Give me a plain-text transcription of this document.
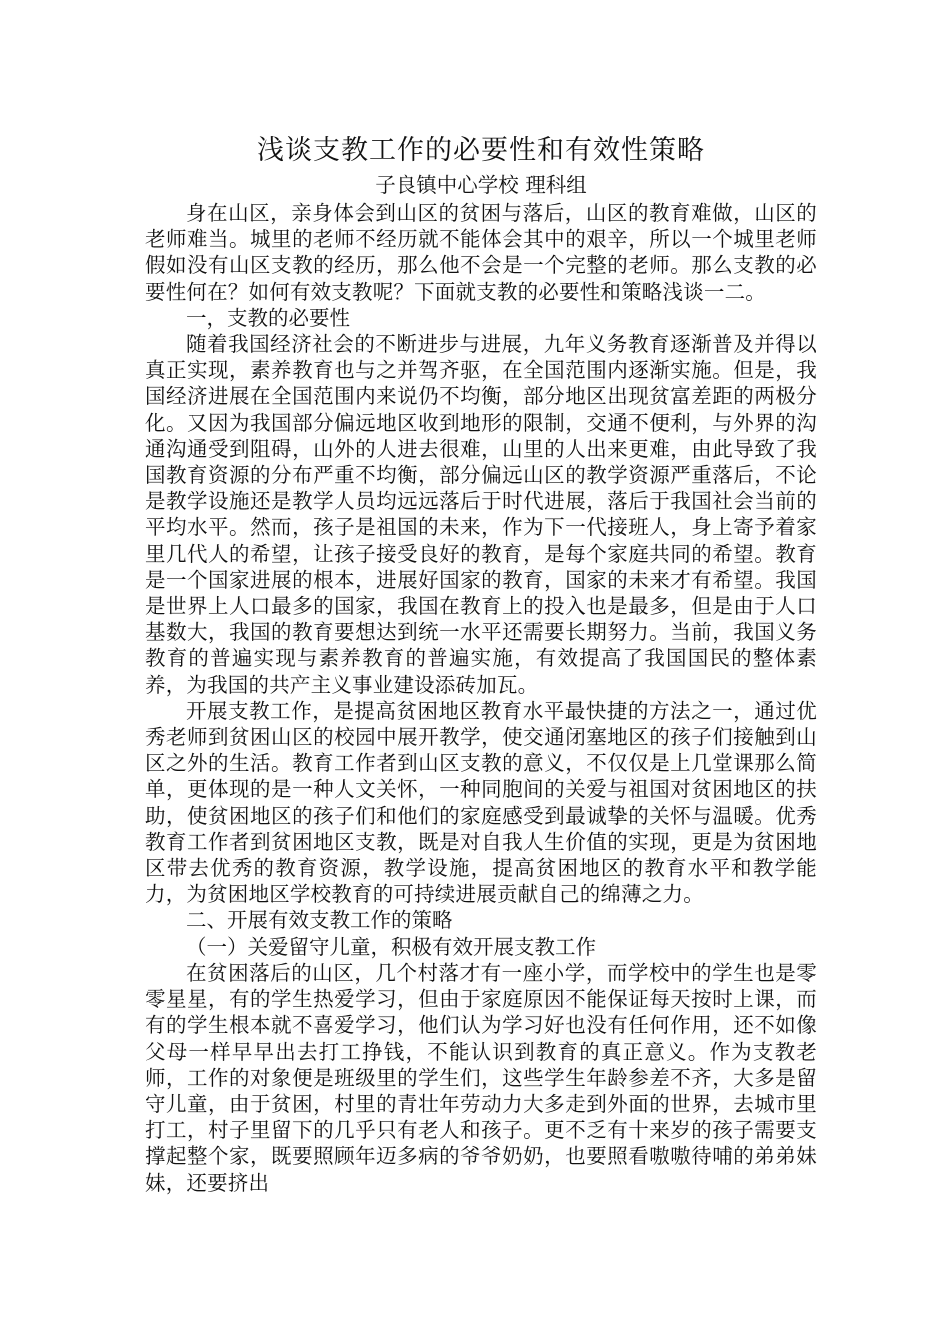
浅谈支教工作的必要性和有效性策略

子良镇中心学校 理科组

身在山区，亲身体会到山区的贫困与落后，山区的教育难做，山区的老师难当。城里的老师不经历就不能体会其中的艰辛，所以一个城里老师假如没有山区支教的经历，那么他不会是一个完整的老师。那么支教的必要性何在？如何有效支教呢？下面就支教的必要性和策略浅谈一二。

一，支教的必要性

随着我国经济社会的不断进步与进展，九年义务教育逐渐普及并得以真正实现，素养教育也与之并驾齐驱，在全国范围内逐渐实施。但是，我国经济进展在全国范围内来说仍不均衡，部分地区出现贫富差距的两极分化。又因为我国部分偏远地区收到地形的限制，交通不便利，与外界的沟通沟通受到阻碍，山外的人进去很难，山里的人出来更难，由此导致了我国教育资源的分布严重不均衡，部分偏远山区的教学资源严重落后，不论是教学设施还是教学人员均远远落后于时代进展，落后于我国社会当前的平均水平。然而，孩子是祖国的未来，作为下一代接班人，身上寄予着家里几代人的希望，让孩子接受良好的教育，是每个家庭共同的希望。教育是一个国家进展的根本，进展好国家的教育，国家的未来才有希望。我国是世界上人口最多的国家，我国在教育上的投入也是最多，但是由于人口基数大，我国的教育要想达到统一水平还需要长期努力。当前，我国义务教育的普遍实现与素养教育的普遍实施，有效提高了我国国民的整体素养，为我国的共产主义事业建设添砖加瓦。

开展支教工作，是提高贫困地区教育水平最快捷的方法之一，通过优秀老师到贫困山区的校园中展开教学，使交通闭塞地区的孩子们接触到山区之外的生活。教育工作者到山区支教的意义，不仅仅是上几堂课那么简单，更体现的是一种人文关怀，一种同胞间的关爱与祖国对贫困地区的扶助，使贫困地区的孩子们和他们的家庭感受到最诚挚的关怀与温暖。优秀教育工作者到贫困地区支教，既是对自我人生价值的实现，更是为贫困地区带去优秀的教育资源，教学设施，提高贫困地区的教育水平和教学能力，为贫困地区学校教育的可持续进展贡献自己的绵薄之力。

二、开展有效支教工作的策略

（一）关爱留守儿童，积极有效开展支教工作

在贫困落后的山区，几个村落才有一座小学，而学校中的学生也是零零星星，有的学生热爱学习，但由于家庭原因不能保证每天按时上课，而有的学生根本就不喜爱学习，他们认为学习好也没有任何作用，还不如像父母一样早早出去打工挣钱，不能认识到教育的真正意义。作为支教老师，工作的对象便是班级里的学生们，这些学生年龄参差不齐，大多是留守儿童，由于贫困，村里的青壮年劳动力大多走到外面的世界，去城市里打工，村子里留下的几乎只有老人和孩子。更不乏有十来岁的孩子需要支撑起整个家，既要照顾年迈多病的爷爷奶奶，也要照看嗷嗷待哺的弟弟妹妹，还要挤出
